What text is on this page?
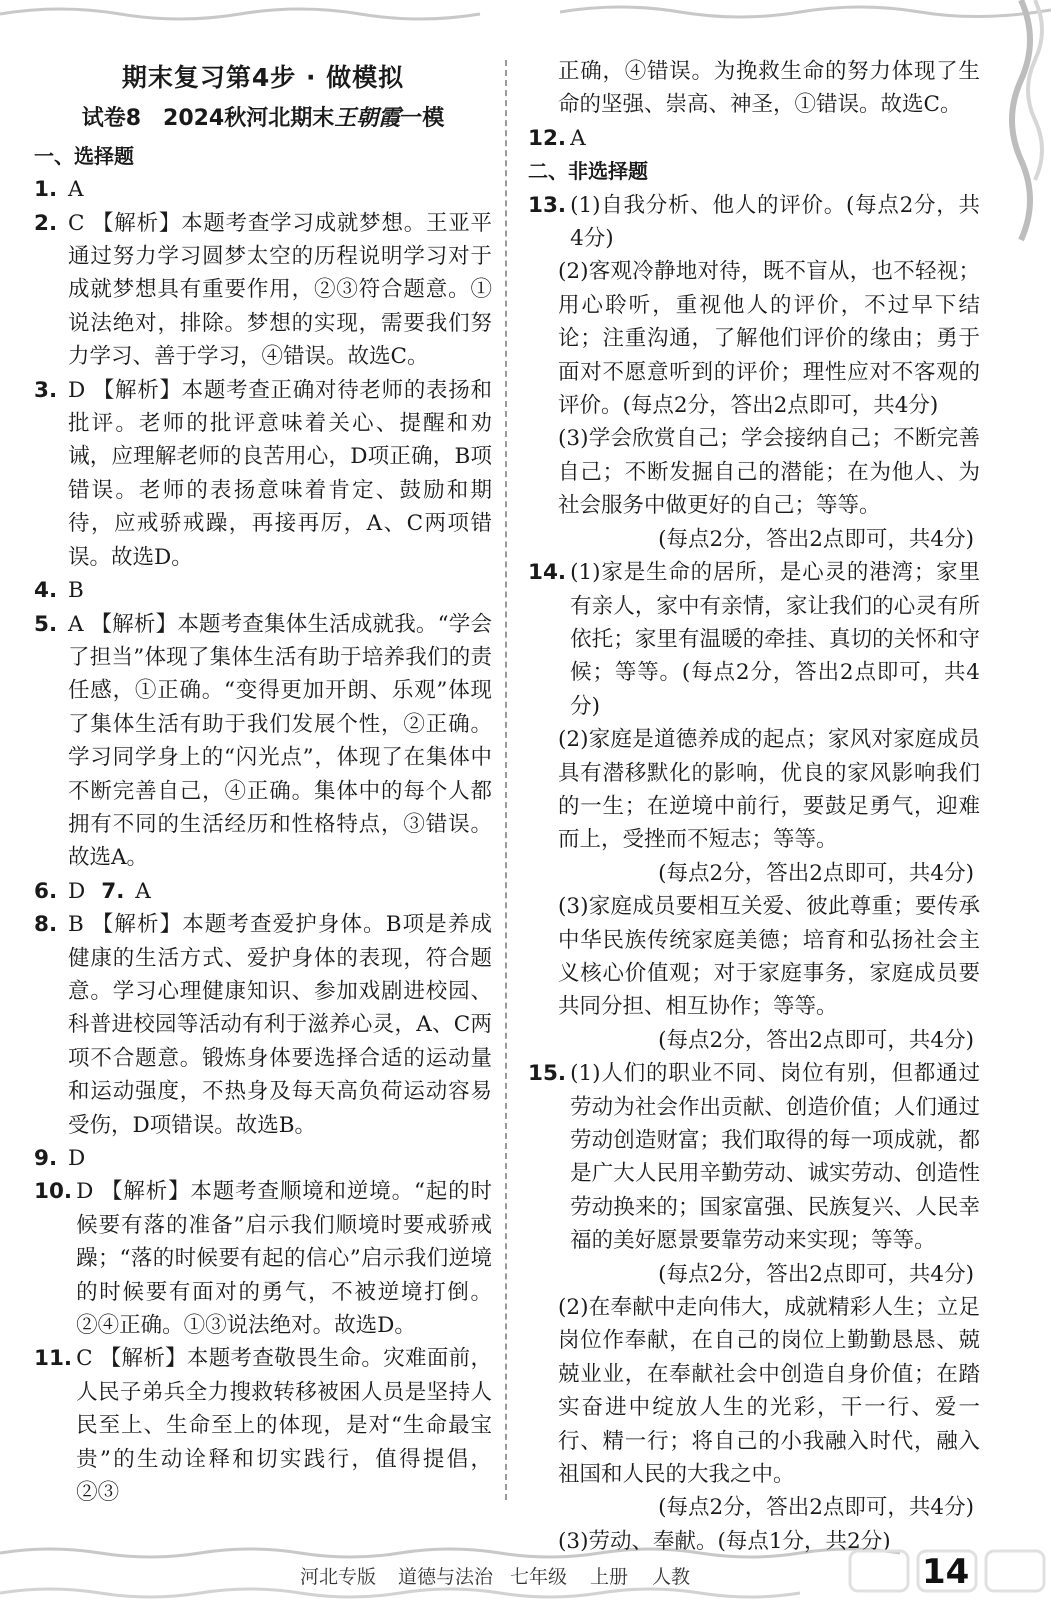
期末复习第4步 · 做模拟
试卷8　2024秋河北期末王朝霞一模
一、选择题
1. A
2. C 【解析】本题考查学习成就梦想。王亚平通过努力学习圆梦太空的历程说明学习对于成就梦想具有重要作用，②③符合题意。①说法绝对，排除。梦想的实现，需要我们努力学习、善于学习，④错误。故选C。
3. D 【解析】本题考查正确对待老师的表扬和批评。老师的批评意味着关心、提醒和劝诫，应理解老师的良苦用心，D项正确，B项错误。老师的表扬意味着肯定、鼓励和期待，应戒骄戒躁，再接再厉，A、C两项错误。故选D。
4. B
5. A 【解析】本题考查集体生活成就我。“学会了担当”体现了集体生活有助于培养我们的责任感，①正确。“变得更加开朗、乐观”体现了集体生活有助于我们发展个性，②正确。学习同学身上的“闪光点”，体现了在集体中不断完善自己，④正确。集体中的每个人都拥有不同的生活经历和性格特点，③错误。故选A。
6. D 7. A
8. B 【解析】本题考查爱护身体。B项是养成健康的生活方式、爱护身体的表现，符合题意。学习心理健康知识、参加戏剧进校园、科普进校园等活动有利于滋养心灵，A、C两项不合题意。锻炼身体要选择合适的运动量和运动强度，不热身及每天高负荷运动容易受伤，D项错误。故选B。
9. D
10. D 【解析】本题考查顺境和逆境。“起的时候要有落的准备”启示我们顺境时要戒骄戒躁；“落的时候要有起的信心”启示我们逆境的时候要有面对的勇气，不被逆境打倒。②④正确。①③说法绝对。故选D。
11. C 【解析】本题考查敬畏生命。灾难面前，人民子弟兵全力搜救转移被困人员是坚持人民至上、生命至上的体现，是对“生命最宝贵”的生动诠释和切实践行，值得提倡，②③
正确，④错误。为挽救生命的努力体现了生命的坚强、崇高、神圣，①错误。故选C。
12. A
二、非选择题
13. (1)自我分析、他人的评价。(每点2分，共4分)
(2)客观冷静地对待，既不盲从，也不轻视；用心聆听，重视他人的评价，不过早下结论；注重沟通，了解他们评价的缘由；勇于面对不愿意听到的评价；理性应对不客观的评价。(每点2分，答出2点即可，共4分)
(3)学会欣赏自己；学会接纳自己；不断完善自己；不断发掘自己的潜能；在为他人、为社会服务中做更好的自己；等等。
(每点2分，答出2点即可，共4分)
14. (1)家是生命的居所，是心灵的港湾；家里有亲人，家中有亲情，家让我们的心灵有所依托；家里有温暖的牵挂、真切的关怀和守候；等等。(每点2分，答出2点即可，共4分)
(2)家庭是道德养成的起点；家风对家庭成员具有潜移默化的影响，优良的家风影响我们的一生；在逆境中前行，要鼓足勇气，迎难而上，受挫而不短志；等等。
(每点2分，答出2点即可，共4分)
(3)家庭成员要相互关爱、彼此尊重；要传承中华民族传统家庭美德；培育和弘扬社会主义核心价值观；对于家庭事务，家庭成员要共同分担、相互协作；等等。
(每点2分，答出2点即可，共4分)
15. (1)人们的职业不同、岗位有别，但都通过劳动为社会作出贡献、创造价值；人们通过劳动创造财富；我们取得的每一项成就，都是广大人民用辛勤劳动、诚实劳动、创造性劳动换来的；国家富强、民族复兴、人民幸福的美好愿景要靠劳动来实现；等等。
(每点2分，答出2点即可，共4分)
(2)在奉献中走向伟大，成就精彩人生；立足岗位作奉献，在自己的岗位上勤勤恳恳、兢兢业业，在奉献社会中创造自身价值；在踏实奋进中绽放人生的光彩，干一行、爱一行、精一行；将自己的小我融入时代，融入祖国和人民的大我之中。
(每点2分，答出2点即可，共4分)
(3)劳动、奉献。(每点1分，共2分)
河北专版 道德与法治 七年级 上册 人教	14
